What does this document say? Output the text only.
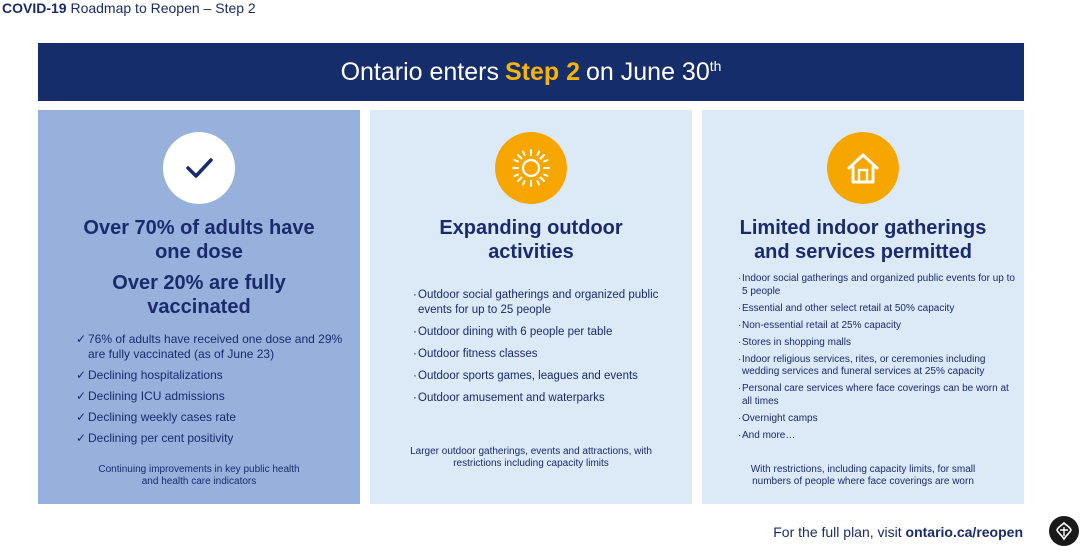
COVID-19 Roadmap to Reopen – Step 2
Ontario enters Step 2 on June 30th
Over 70% of adults have one dose
Over 20% are fully vaccinated
✓ 76% of adults have received one dose and 29% are fully vaccinated (as of June 23)
✓ Declining hospitalizations
✓ Declining ICU admissions
✓ Declining weekly cases rate
✓ Declining per cent positivity
Continuing improvements in key public health and health care indicators
Expanding outdoor activities
· Outdoor social gatherings and organized public events for up to 25 people
· Outdoor dining with 6 people per table
· Outdoor fitness classes
· Outdoor sports games, leagues and events
· Outdoor amusement and waterparks
Larger outdoor gatherings, events and attractions, with restrictions including capacity limits
Limited indoor gatherings and services permitted
· Indoor social gatherings and organized public events for up to 5 people
· Essential and other select retail at 50% capacity
· Non-essential retail at 25% capacity
· Stores in shopping malls
· Indoor religious services, rites, or ceremonies including wedding services and funeral services at 25% capacity
· Personal care services where face coverings can be worn at all times
· Overnight camps
· And more…
With restrictions, including capacity limits, for small numbers of people where face coverings are worn
For the full plan, visit ontario.ca/reopen
